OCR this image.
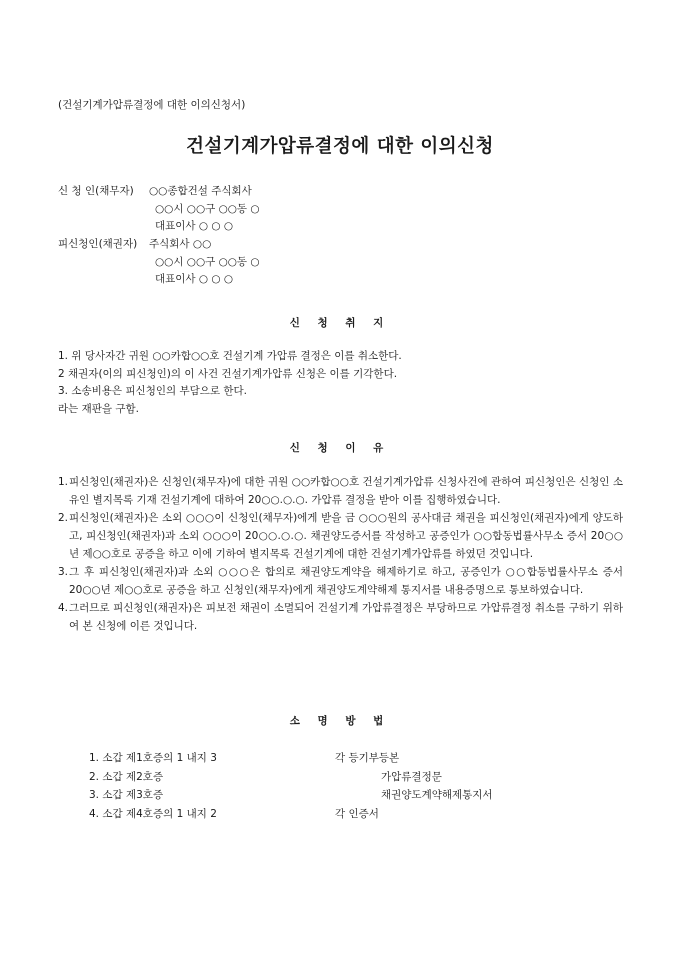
(건설기계가압류결정에 대한 이의신청서)
건설기계가압류결정에 대한 이의신청
신 청 인(채무자) ○○종합건설 주식회사
○○시 ○○구 ○○동 ○
대표이사 ○ ○ ○
피신청인(채권자) 주식회사 ○○
○○시 ○○구 ○○동 ○
대표이사 ○ ○ ○
신 청 취 지
1. 위 당사자간 귀원 ○○카합○○호 건설기계 가압류 결정은 이를 취소한다.
2 채권자(이의 피신청인)의 이 사건 건설기계가압류 신청은 이를 기각한다.
3. 소송비용은 피신청인의 부담으로 한다.
라는 재판을 구함.
신 청 이 유
1. 피신청인(채권자)은 신청인(채무자)에 대한 귀원 ○○카합○○호 건설기계가압류 신청사건에 관하여 피신청인은 신청인 소유인 별지목록 기재 건설기계에 대하여 20○○.○.○. 가압류 결정을 받아 이를 집행하였습니다.
2. 피신청인(채권자)은 소외 ○○○이 신청인(채무자)에게 받을 금 ○○○원의 공사대금 채권을 피신청인(채권자)에게 양도하고, 피신청인(채권자)과 소외 ○○○이 20○○.○.○. 채권양도증서를 작성하고 공증인가 ○○합동법률사무소 증서 20○○년 제○○호로 공증을 하고 이에 기하여 별지목록 건설기계에 대한 건설기계가압류를 하였던 것입니다.
3. 그 후 피신청인(채권자)과 소외 ○○○은 합의로 채권양도계약을 해제하기로 하고, 공증인가 ○○합동법률사무소 증서 20○○년 제○○호로 공증을 하고 신청인(채무자)에게 채권양도계약해제 통지서를 내용증명으로 통보하였습니다.
4. 그러므로 피신청인(채권자)은 피보전 채권이 소멸되어 건설기계 가압류결정은 부당하므로 가압류결정 취소를 구하기 위하여 본 신청에 이른 것입니다.
소 명 방 법
1. 소갑 제1호증의 1 내지 3	각 등기부등본
2. 소갑 제2호증	가압류결정문
3. 소갑 제3호증	채권양도계약해제통지서
4. 소갑 제4호증의 1 내지 2	각 인증서
